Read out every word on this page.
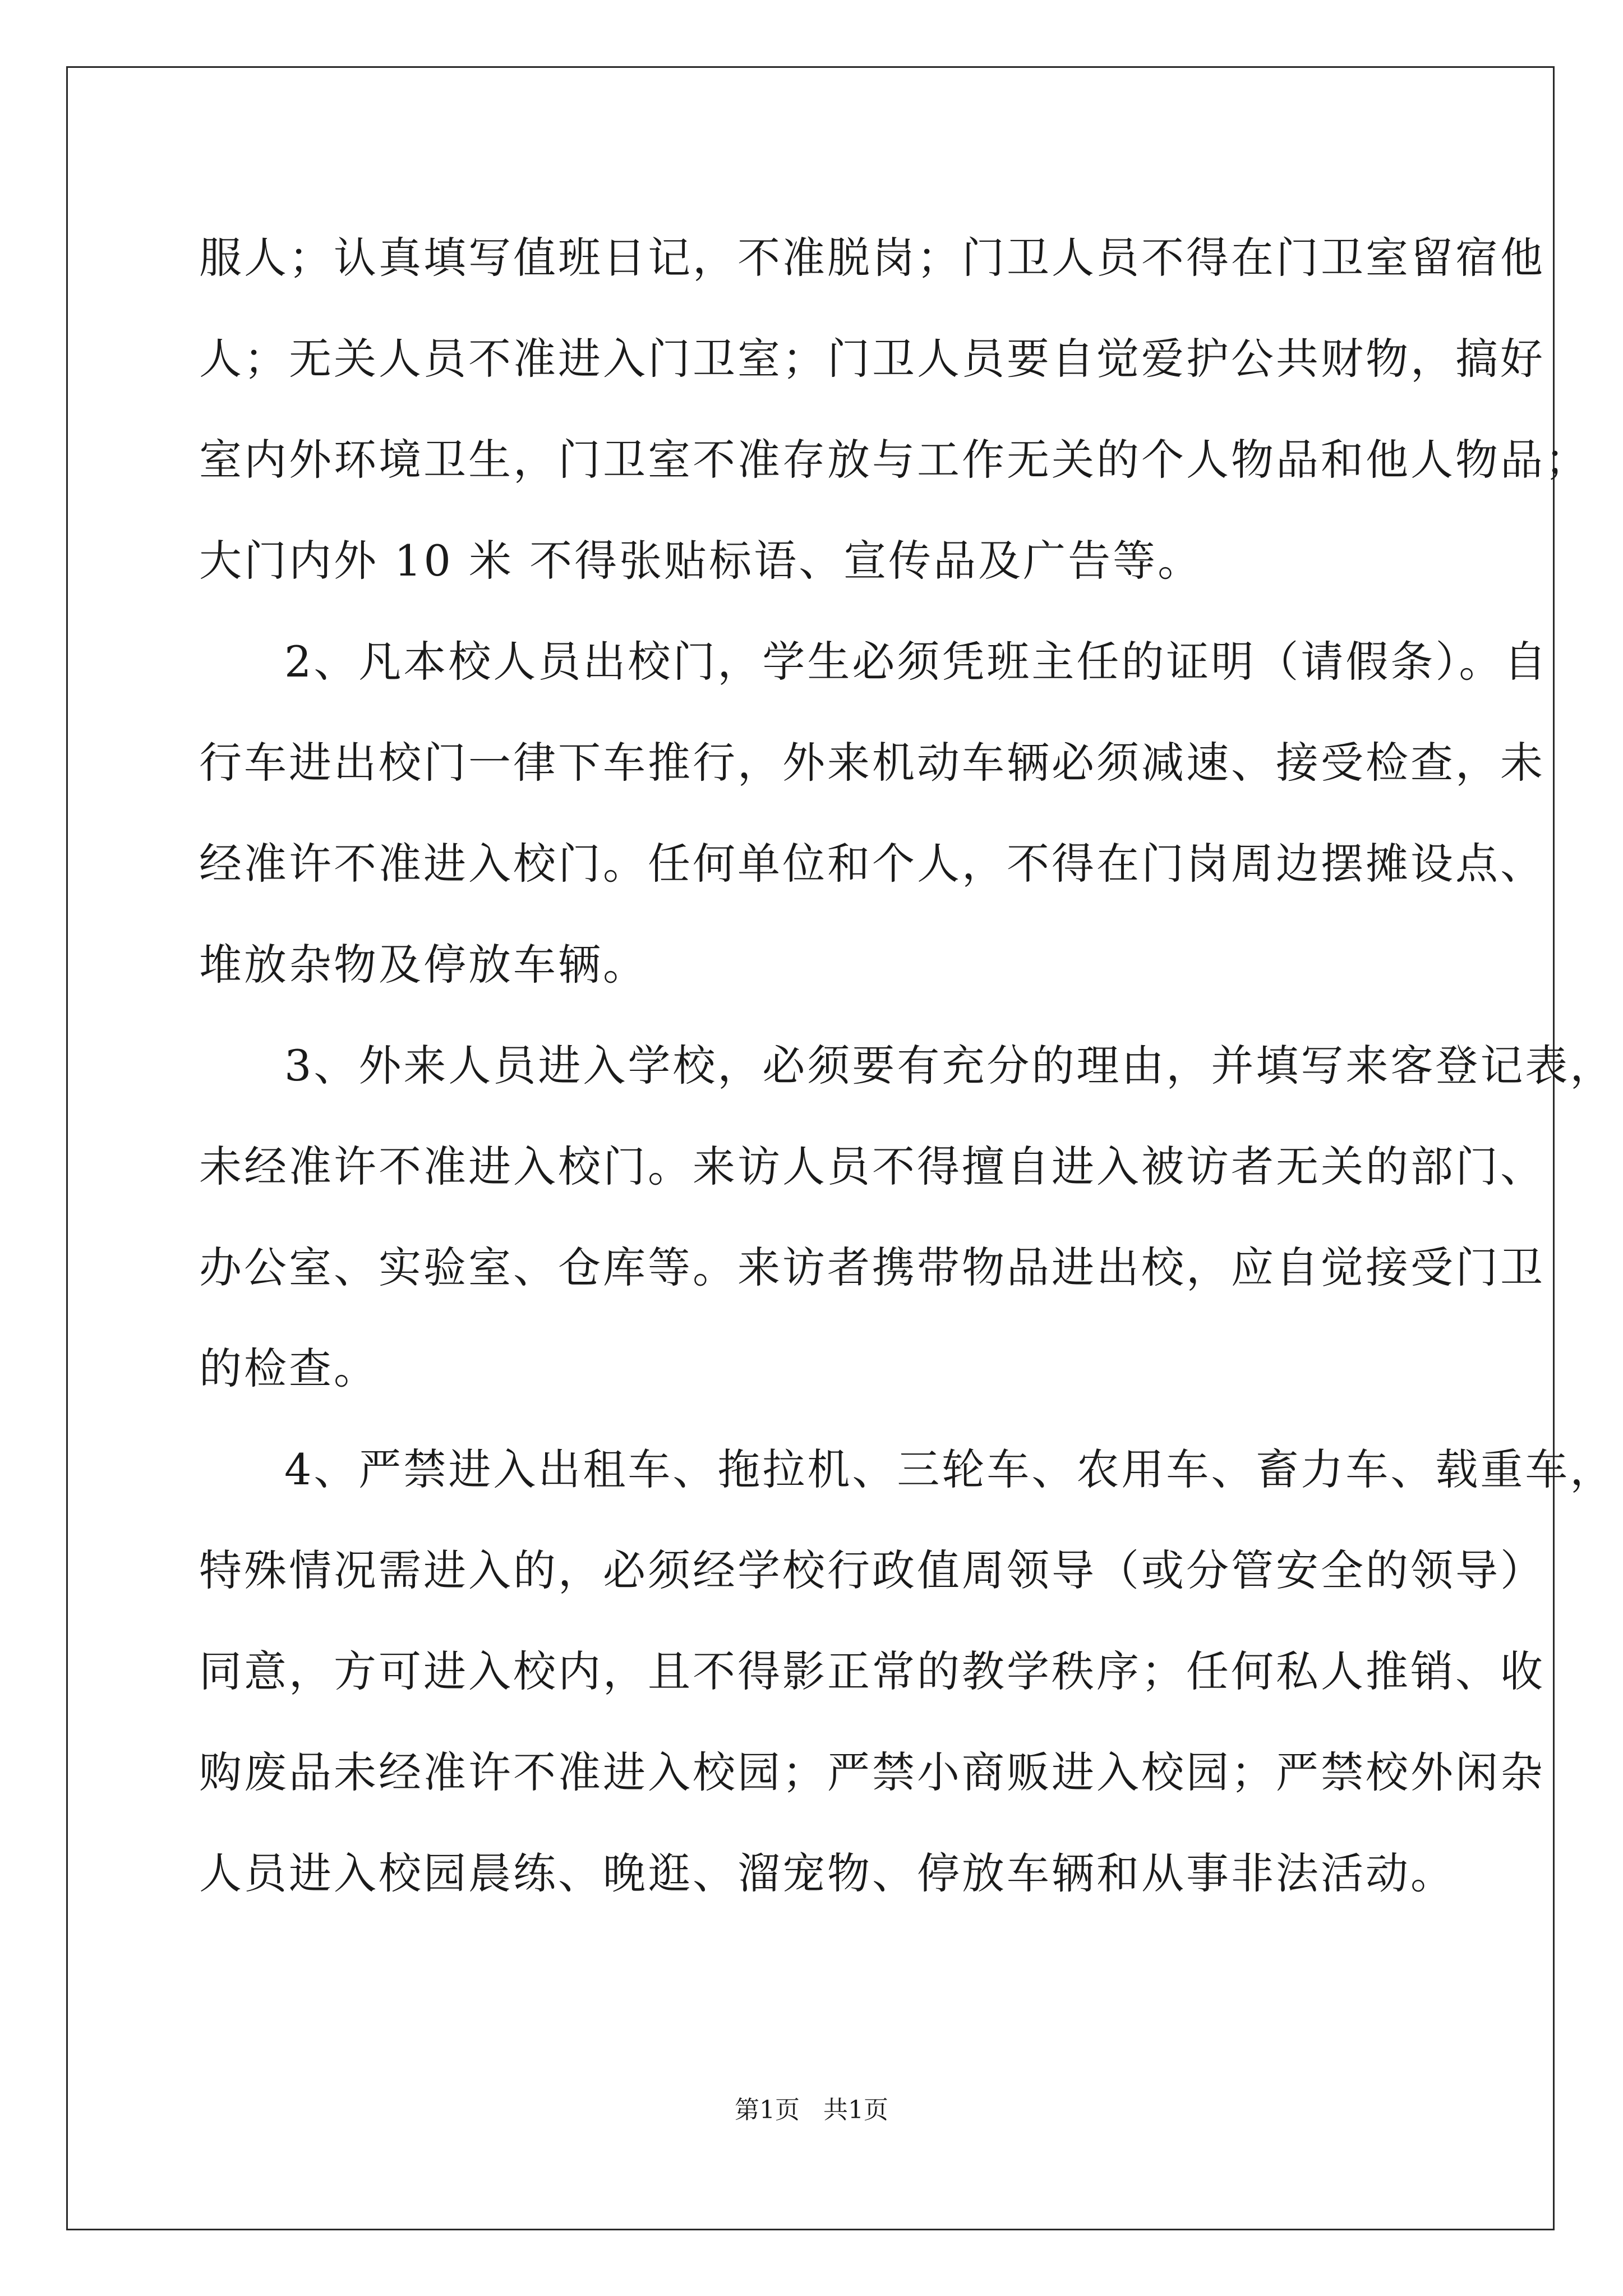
服人；认真填写值班日记，不准脱岗；门卫人员不得在门卫室留宿他
人；无关人员不准进入门卫室；门卫人员要自觉爱护公共财物，搞好
室内外环境卫生，门卫室不准存放与工作无关的个人物品和他人物品；
大门内外 10 米 不得张贴标语、宣传品及广告等。
2、凡本校人员出校门，学生必须凭班主任的证明（请假条）。自
行车进出校门一律下车推行，外来机动车辆必须减速、接受检查，未
经准许不准进入校门。任何单位和个人，不得在门岗周边摆摊设点、
堆放杂物及停放车辆。
3、外来人员进入学校，必须要有充分的理由，并填写来客登记表，
未经准许不准进入校门。来访人员不得擅自进入被访者无关的部门、
办公室、实验室、仓库等。来访者携带物品进出校，应自觉接受门卫
的检查。
4、严禁进入出租车、拖拉机、三轮车、农用车、畜力车、载重车，
特殊情况需进入的，必须经学校行政值周领导（或分管安全的领导）
同意，方可进入校内，且不得影正常的教学秩序；任何私人推销、收
购废品未经准许不准进入校园；严禁小商贩进入校园；严禁校外闲杂
人员进入校园晨练、晚逛、溜宠物、停放车辆和从事非法活动。
第1页 共1页
